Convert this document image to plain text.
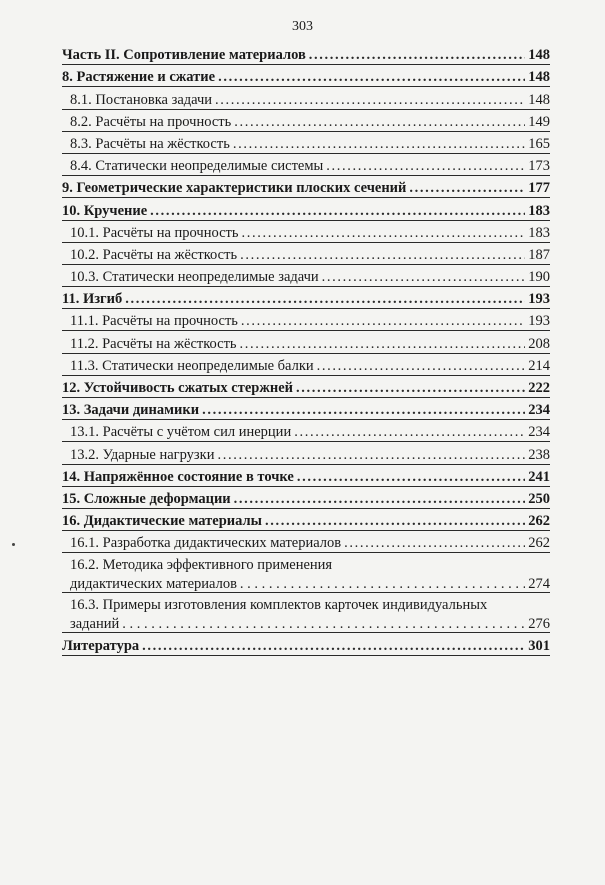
303
Часть II. Сопротивление материалов . . .	148
8. Растяжение и сжатие . . .	148
8.1. Постановка задачи . . .	148
8.2. Расчёты на прочность . . .	149
8.3. Расчёты на жёсткость . . .	165
8.4. Статически неопределимые системы . . .	173
9. Геометрические характеристики плоских сечений . . .	177
10. Кручение . . .	183
10.1. Расчёты на прочность . . .	183
10.2. Расчёты на жёсткость . . .	187
10.3. Статически неопределимые задачи . . .	190
11. Изгиб . . .	193
11.1. Расчёты на прочность . . .	193
11.2. Расчёты на жёсткость . . .	208
11.3. Статически неопределимые балки . . .	214
12. Устойчивость сжатых стержней . . .	222
13. Задачи динамики . . .	234
13.1. Расчёты с учётом сил инерции . . .	234
13.2. Ударные нагрузки . . .	238
14. Напряжённое состояние в точке . . .	241
15. Сложные деформации . . .	250
16. Дидактические материалы . . .	262
16.1. Разработка дидактических материалов . . .	262
16.2. Методика эффективного применения
дидактических материалов . . .	274
16.3. Примеры изготовления комплектов карточек индивидуальных
заданий . . .	276
Литература . . .	301
